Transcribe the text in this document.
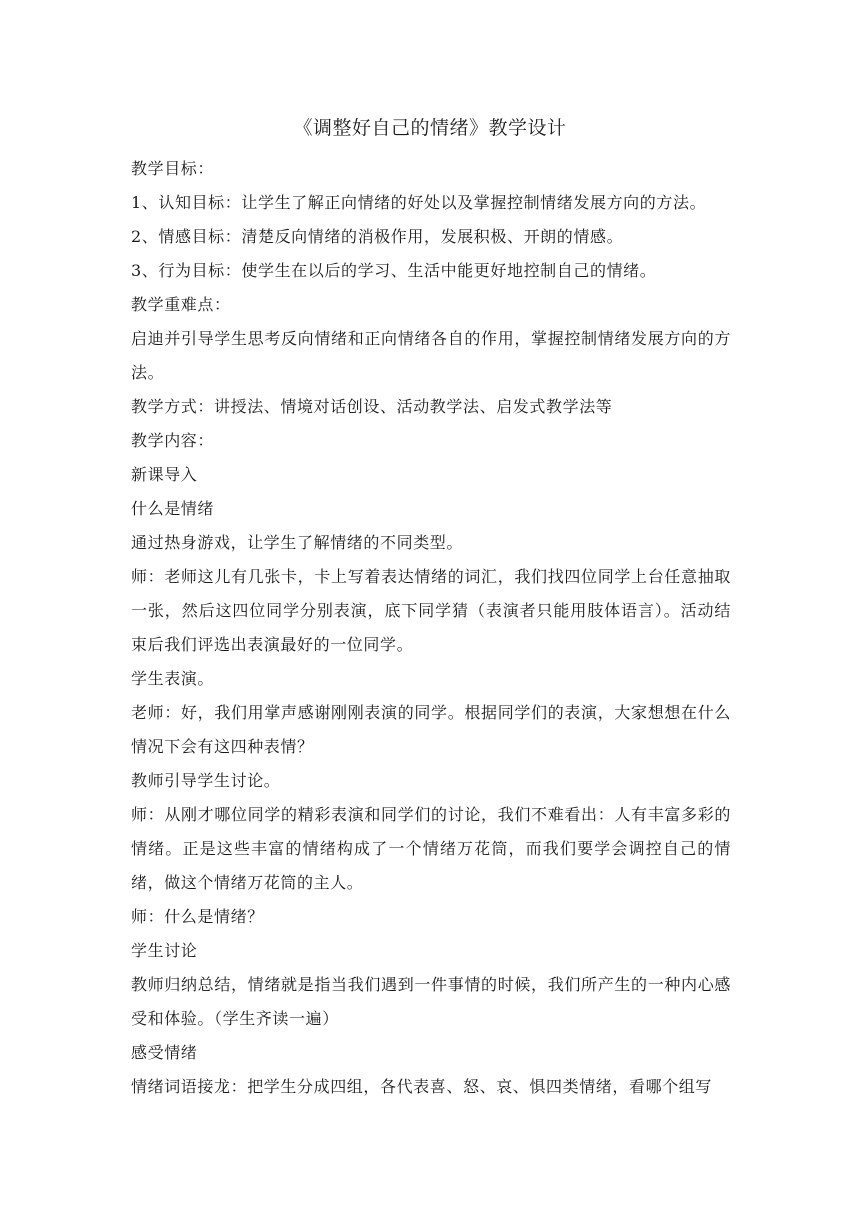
《调整好自己的情绪》教学设计

教学目标：

1、认知目标：让学生了解正向情绪的好处以及掌握控制情绪发展方向的方法。

2、情感目标：清楚反向情绪的消极作用，发展积极、开朗的情感。

3、行为目标：使学生在以后的学习、生活中能更好地控制自己的情绪。

教学重难点：

启迪并引导学生思考反向情绪和正向情绪各自的作用，掌握控制情绪发展方向的方法。

教学方式：讲授法、情境对话创设、活动教学法、启发式教学法等

教学内容：

新课导入

什么是情绪

通过热身游戏，让学生了解情绪的不同类型。

师：老师这儿有几张卡，卡上写着表达情绪的词汇，我们找四位同学上台任意抽取一张，然后这四位同学分别表演，底下同学猜（表演者只能用肢体语言）。活动结束后我们评选出表演最好的一位同学。

学生表演。

老师：好，我们用掌声感谢刚刚表演的同学。根据同学们的表演，大家想想在什么情况下会有这四种表情？

教师引导学生讨论。

师：从刚才哪位同学的精彩表演和同学们的讨论，我们不难看出：人有丰富多彩的情绪。正是这些丰富的情绪构成了一个情绪万花筒，而我们要学会调控自己的情绪，做这个情绪万花筒的主人。

师：什么是情绪？

学生讨论

教师归纳总结，情绪就是指当我们遇到一件事情的时候，我们所产生的一种内心感受和体验。（学生齐读一遍）

感受情绪

情绪词语接龙：把学生分成四组，各代表喜、怒、哀、惧四类情绪，看哪个组写
